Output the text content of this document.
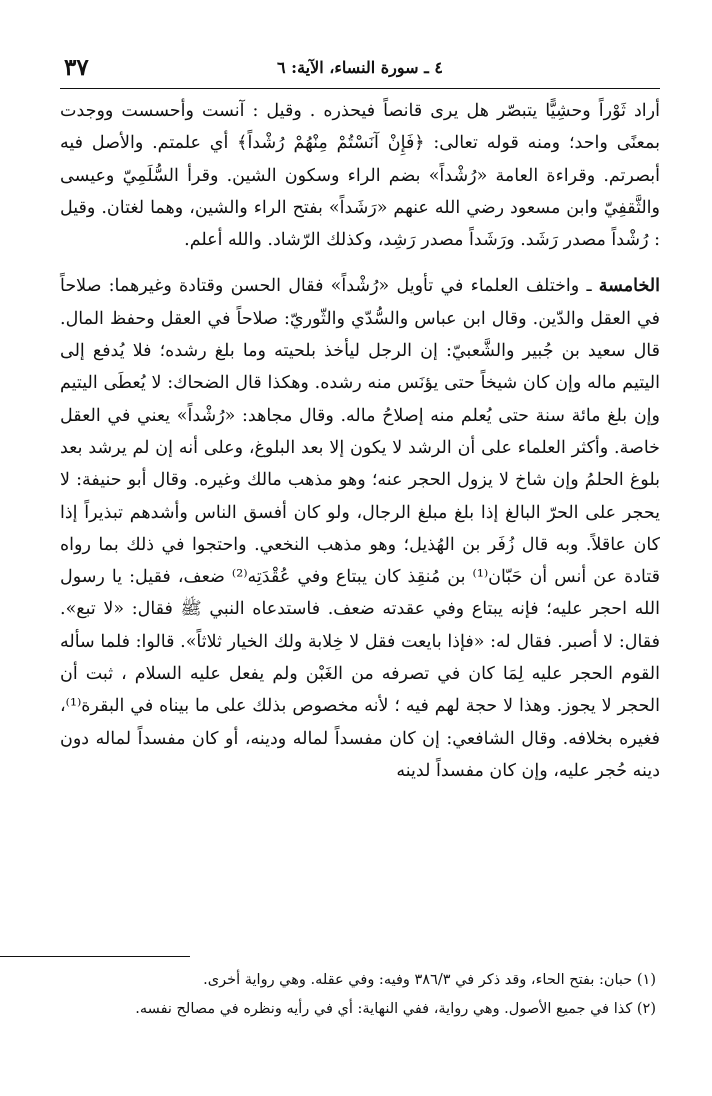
٤ ـ سورة النساء، الآية: ٦
٣٧

أراد ثَوْراً وحشِيًّا يتبصّر هل يرى قانصاً فيحذره . وقيل : آنست وأحسست ووجدت بمعنًى واحد؛ ومنه قوله تعالى: ﴿فَإِنْ آنَسْتُمْ مِنْهُمْ رُشْداً﴾ أي علمتم. والأصل فيه أبصرتم. وقراءة العامة «رُشْداً» بضم الراء وسكون الشين. وقرأ السُّلَمِيّ وعيسى والثَّقفِيّ وابن مسعود رضي الله عنهم «رَشَداً» بفتح الراء والشين، وهما لغتان. وقيل : رُشْداً مصدر رَشَد. ورَشَداً مصدر رَشِد، وكذلك الرّشاد. والله أعلم.

الخامسة ـ واختلف العلماء في تأويل «رُشْداً» فقال الحسن وقتادة وغيرهما: صلاحاً في العقل والدّين. وقال ابن عباس والسُّدّي والثّوريّ: صلاحاً في العقل وحفظ المال. قال سعيد بن جُبير والشَّعبيّ: إن الرجل ليأخذ بلحيته وما بلغ رشده؛ فلا يُدفع إلى اليتيم ماله وإن كان شيخاً حتى يؤنَس منه رشده. وهكذا قال الضحاك: لا يُعطَى اليتيم وإن بلغ مائة سنة حتى يُعلم منه إصلاحُ ماله. وقال مجاهد: «رُشْداً» يعني في العقل خاصة. وأكثر العلماء على أن الرشد لا يكون إلا بعد البلوغ، وعلى أنه إن لم يرشد بعد بلوغ الحلمُ وإن شاخ لا يزول الحجر عنه؛ وهو مذهب مالك وغيره. وقال أبو حنيفة: لا يحجر على الحرّ البالغ إذا بلغ مبلغ الرجال، ولو كان أفسق الناس وأشدهم تبذيراً إذا كان عاقلاً. وبه قال زُفَر بن الهُذيل؛ وهو مذهب النخعي. واحتجوا في ذلك بما رواه قتادة عن أنس أن حَبّان⁽¹⁾ بن مُنقِذ كان يبتاع وفي عُقْدَتِه⁽²⁾ ضعف، فقيل: يا رسول الله احجر عليه؛ فإنه يبتاع وفي عقدته ضعف. فاستدعاه النبي ﷺ فقال: «لا تبع». فقال: لا أصبر. فقال له: «فإذا بايعت فقل لا خِلابة ولك الخيار ثلاثاً». قالوا: فلما سأله القوم الحجر عليه لِمَا كان في تصرفه من الغَبْن ولم يفعل عليه السلام ، ثبت أن الحجر لا يجوز. وهذا لا حجة لهم فيه ؛ لأنه مخصوص بذلك على ما بيناه في البقرة⁽¹⁾، فغيره بخلافه. وقال الشافعي: إن كان مفسداً لماله ودينه، أو كان مفسداً لماله دون دينه حُجر عليه، وإن كان مفسداً لدينه

(١) حبان: بفتح الحاء، وقد ذكر في ٣٨٦/٣ وفيه: وفي عقله. وهي رواية أخرى.
(٢) كذا في جميع الأصول. وهي رواية، ففي النهاية: أي في رأيه ونظره في مصالح نفسه.
